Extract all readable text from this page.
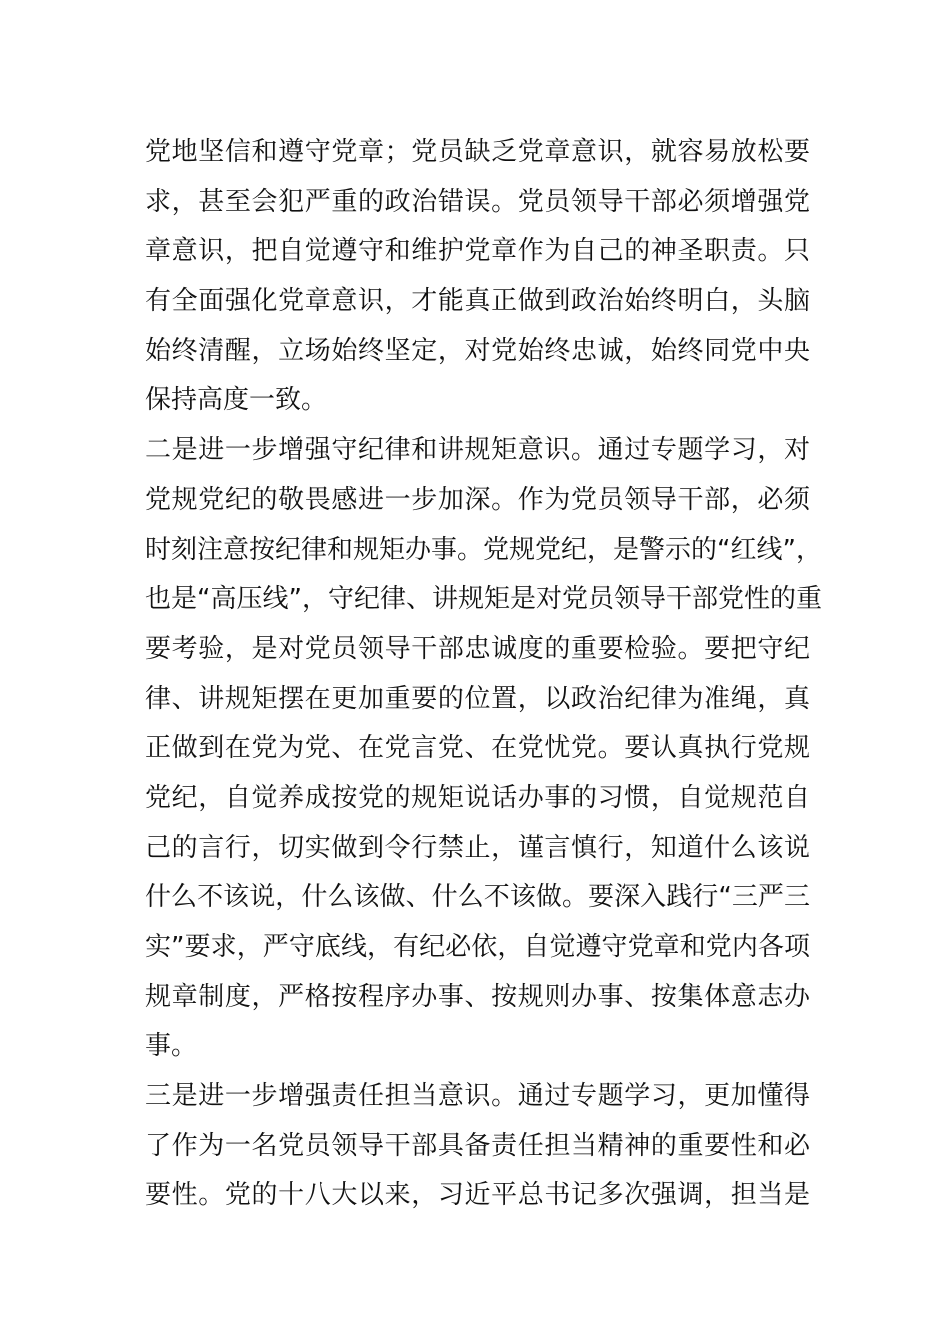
党地坚信和遵守党章；党员缺乏党章意识，就容易放松要
求，甚至会犯严重的政治错误。党员领导干部必须增强党
章意识，把自觉遵守和维护党章作为自己的神圣职责。只
有全面强化党章意识，才能真正做到政治始终明白，头脑
始终清醒，立场始终坚定，对党始终忠诚，始终同党中央
保持高度一致。
二是进一步增强守纪律和讲规矩意识。通过专题学习，对
党规党纪的敬畏感进一步加深。作为党员领导干部，必须
时刻注意按纪律和规矩办事。党规党纪，是警示的“红线”，
也是“高压线”，守纪律、讲规矩是对党员领导干部党性的重
要考验，是对党员领导干部忠诚度的重要检验。要把守纪
律、讲规矩摆在更加重要的位置，以政治纪律为准绳，真
正做到在党为党、在党言党、在党忧党。要认真执行党规
党纪，自觉养成按党的规矩说话办事的习惯，自觉规范自
己的言行，切实做到令行禁止，谨言慎行，知道什么该说
什么不该说，什么该做、什么不该做。要深入践行“三严三
实”要求，严守底线，有纪必依，自觉遵守党章和党内各项
规章制度，严格按程序办事、按规则办事、按集体意志办
事。
三是进一步增强责任担当意识。通过专题学习，更加懂得
了作为一名党员领导干部具备责任担当精神的重要性和必
要性。党的十八大以来，习近平总书记多次强调，担当是
